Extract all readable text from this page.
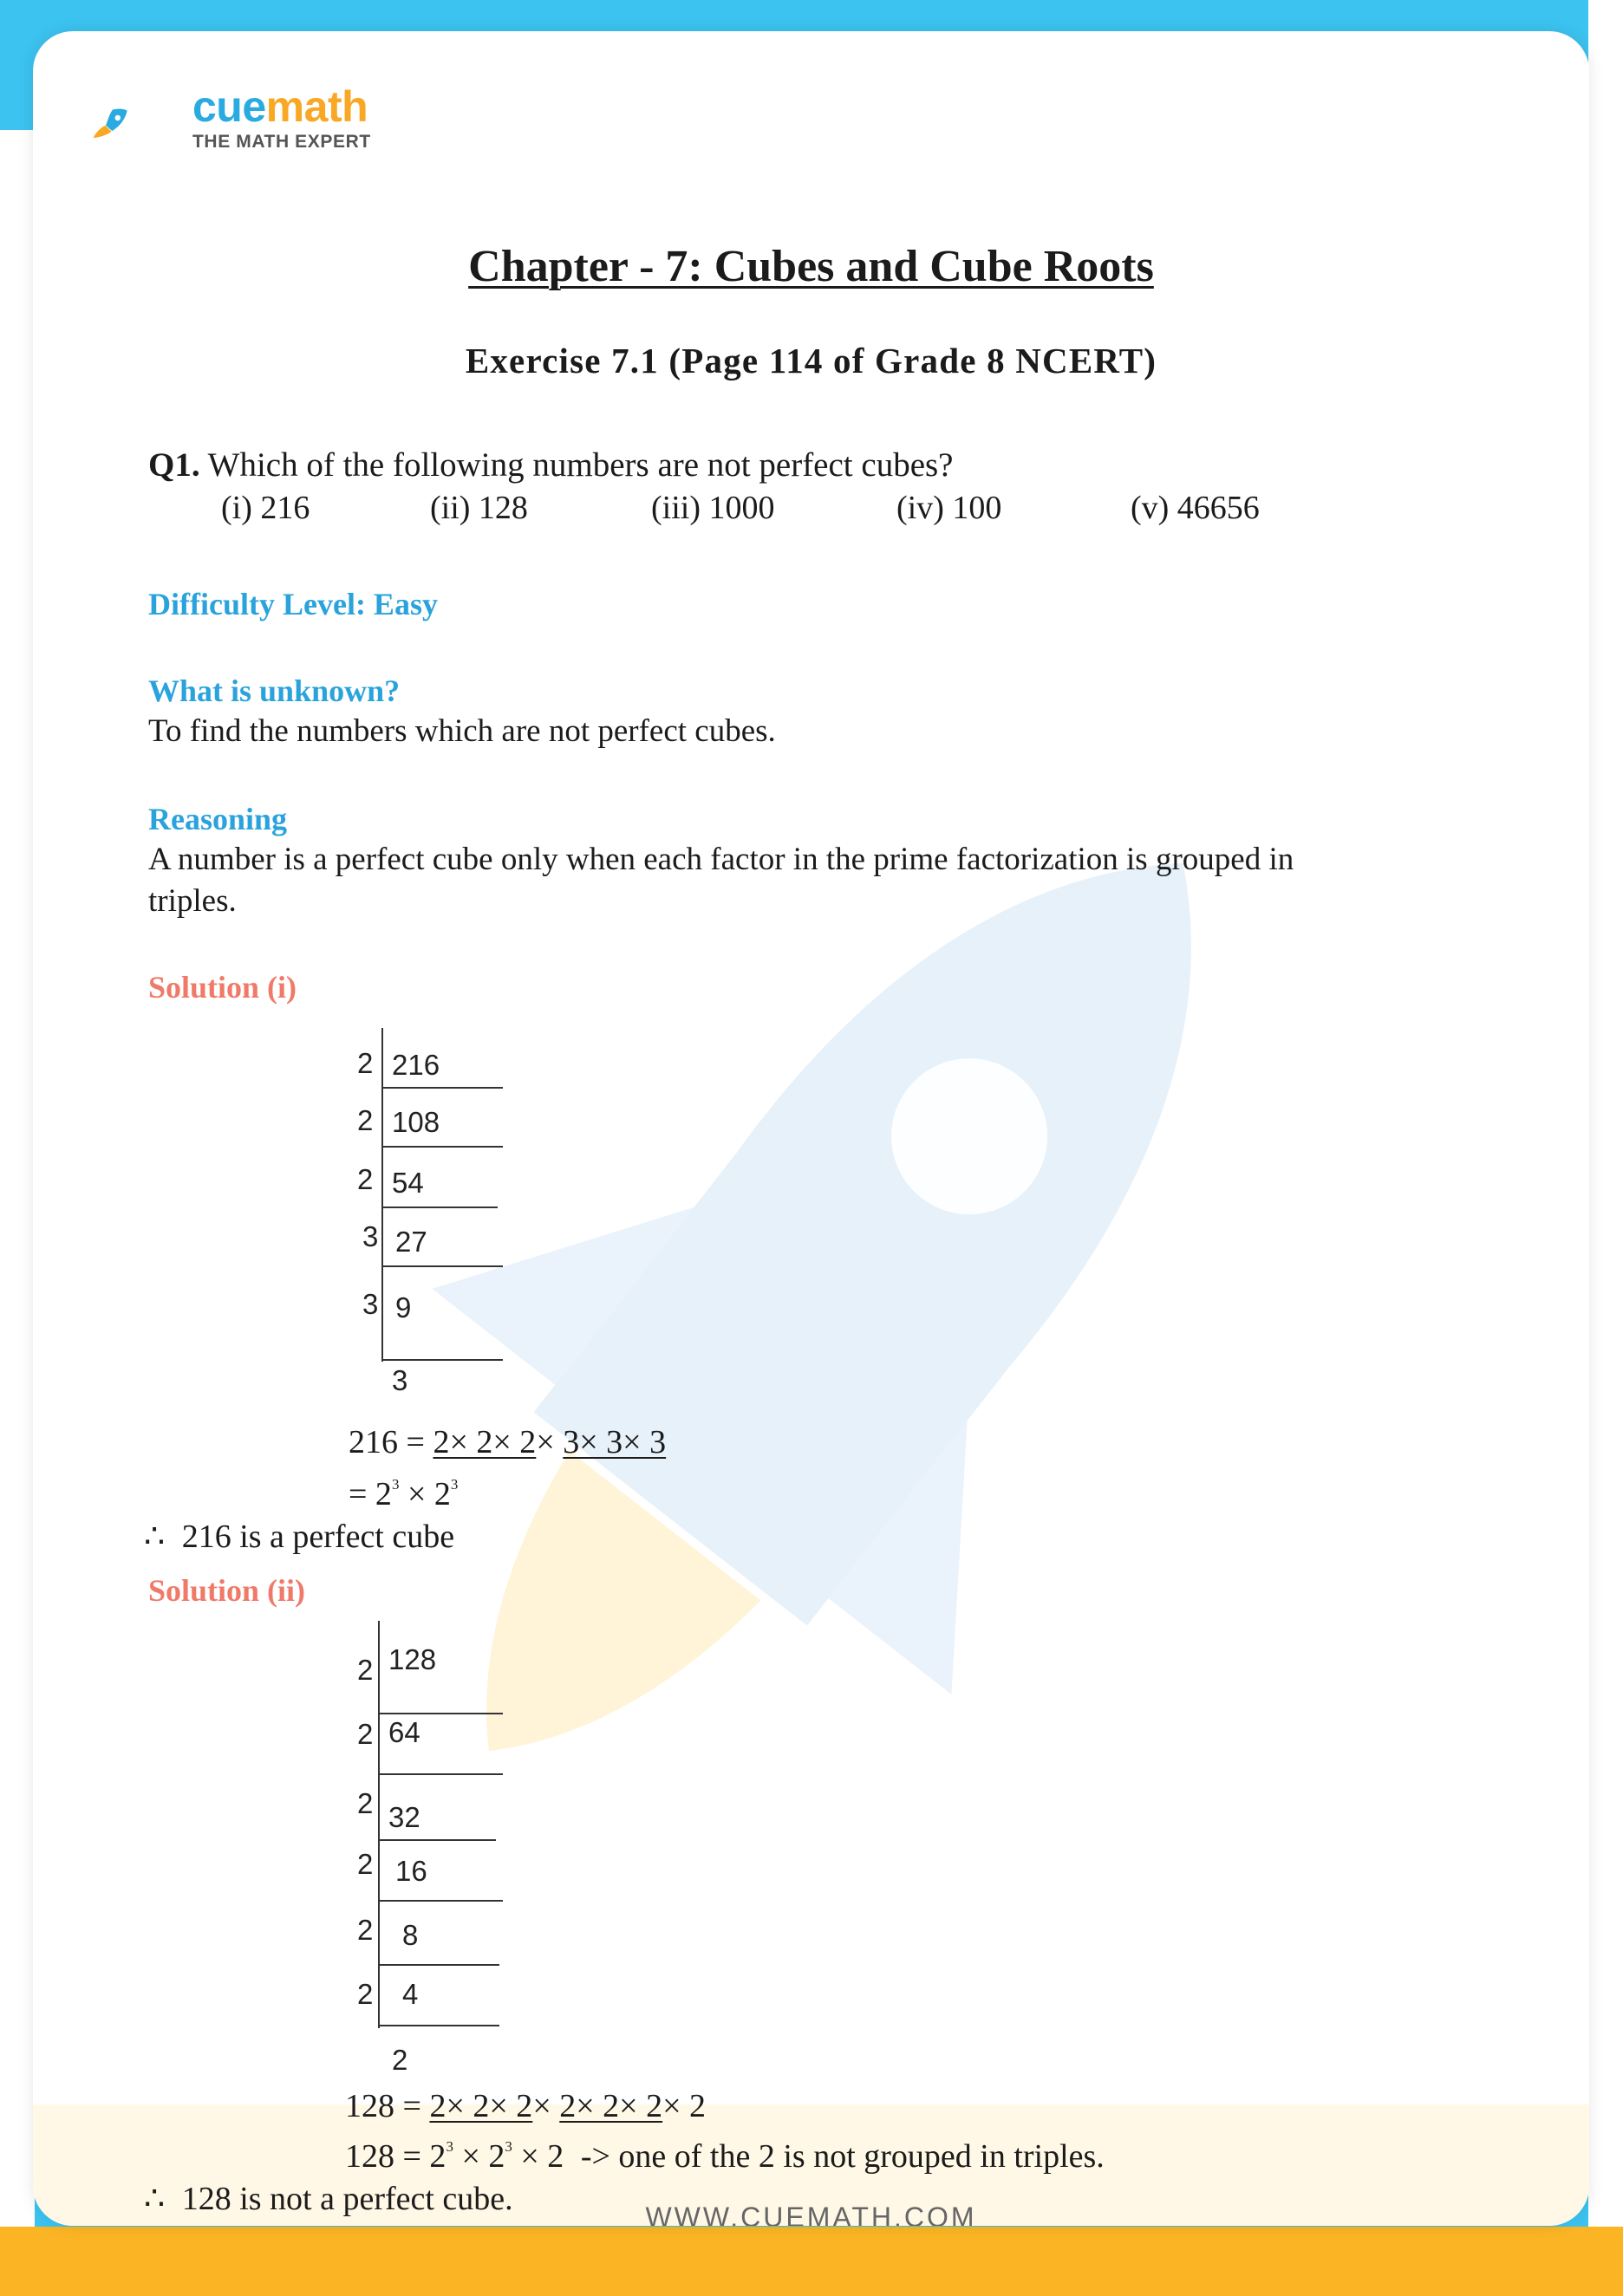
cuemath
THE MATH EXPERT
Chapter - 7: Cubes and Cube Roots
Exercise 7.1 (Page 114 of Grade 8 NCERT)
Q1. Which of the following numbers are not perfect cubes?
(i) 216	(ii) 128	(iii) 1000	(iv) 100	(v) 46656
Difficulty Level: Easy
What is unknown?
To find the numbers which are not perfect cubes.
Reasoning
A number is a perfect cube only when each factor in the prime factorization is grouped in
triples.
Solution (i)
2 216
2 108
2 54
3 27
3 9
3
216 = 2× 2× 2× 3× 3× 3
= $2^3 \times 2^3$
∴ 216 is a perfect cube
Solution (ii)
2 128
2 64
2 32
2 16
2 8
2 4
2
128 = 2× 2× 2× 2× 2× 2× 2
$128 = 2^3 \times 2^3 \times 2$ -> one of the 2 is not grouped in triples.
∴ 128 is not a perfect cube.	WWW.CUEMATH.COM
